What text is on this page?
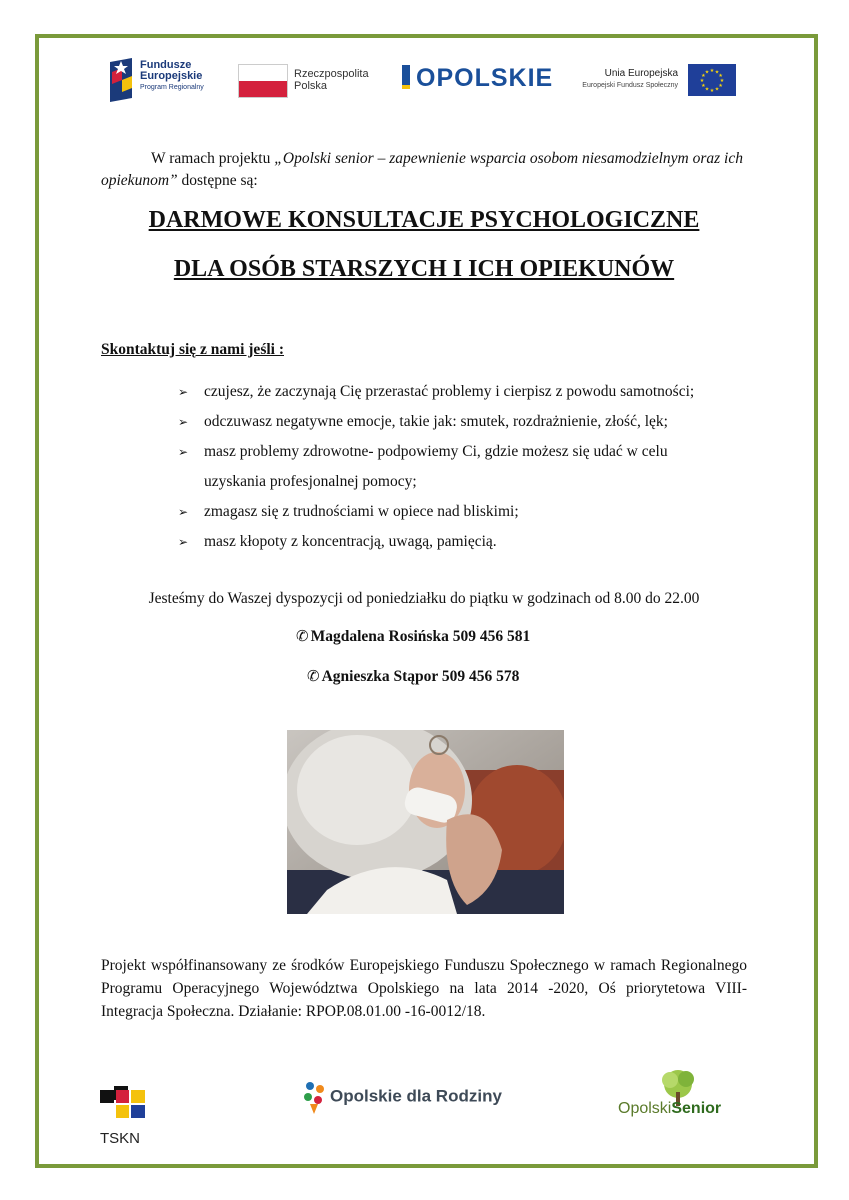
Fundusze
Europejskie
Program Regionalny
Rzeczpospolita
Polska	OPOLSKIE	Unia Europejska
Europejski Fundusz Społeczny
★ ★
★
★
★
★
★
★
★
★
★
★
W ramach projektu „Opolski senior – zapewnienie wsparcia osobom niesamodzielnym oraz ich opiekunom” dostępne są:
DARMOWE KONSULTACJE PSYCHOLOGICZNE
DLA OSÓB STARSZYCH I ICH OPIEKUNÓW
Skontaktuj się z nami jeśli :
➢ czujesz, że zaczynają Cię przerastać problemy i cierpisz z powodu samotności;
➢ odczuwasz negatywne emocje, takie jak: smutek, rozdrażnienie, złość, lęk;
➢ masz problemy zdrowotne- podpowiemy Ci, gdzie możesz się udać w celu
uzyskania profesjonalnej pomocy;
➢ zmagasz się z trudnościami w opiece nad bliskimi;
➢ masz kłopoty z koncentracją, uwagą, pamięcią.
Jesteśmy do Waszej dyspozycji od poniedziałku do piątku w godzinach od 8.00 do 22.00
✆ Magdalena Rosińska 509 456 581
✆ Agnieszka Stąpor 509 456 578
Projekt współfinansowany ze środków Europejskiego Funduszu Społecznego w ramach Regionalnego Programu Operacyjnego Województwa Opolskiego na lata 2014 -2020, Oś priorytetowa VIII- Integracja Społeczna. Działanie: RPOP.08.01.00 -16-0012/18.
TSKN
Opolskie dla Rodziny
OpolskiSenior
